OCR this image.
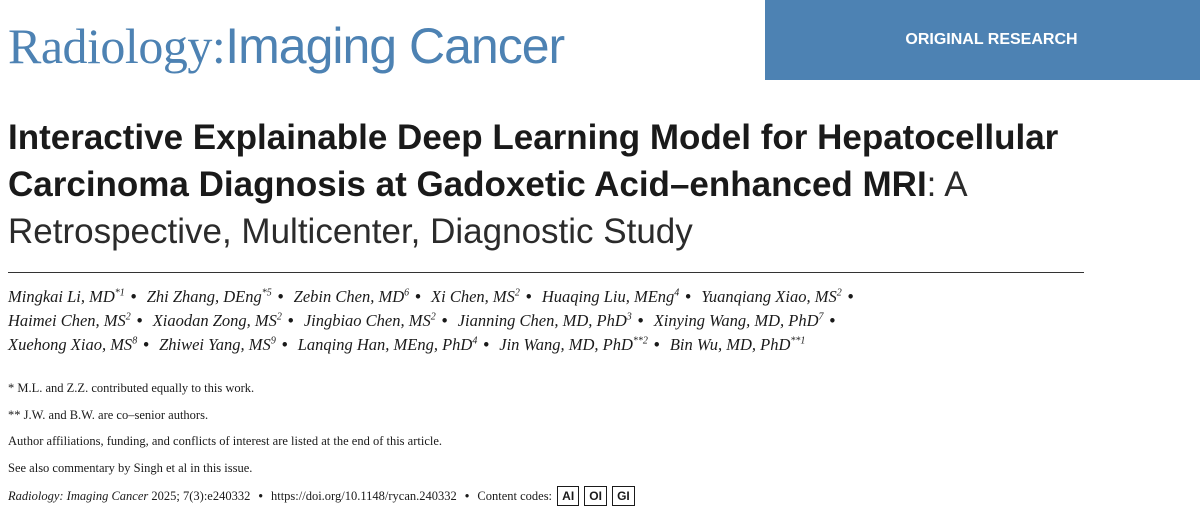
Radiology:Imaging Cancer	ORIGINAL RESEARCH
Interactive Explainable Deep Learning Model for Hepatocellular
Carcinoma Diagnosis at Gadoxetic Acid–enhanced MRI: A
Retrospective, Multicenter, Diagnostic Study
Mingkai Li, MD$^{*1}$ • Zhi Zhang, DEng$^{*5}$ • Zebin Chen, $MD^6$ • Xi Chen, $MS^2$ • Huaqing Liu, MEng$^4$ • Yuanqiang Xiao, $MS^2$ •
Haimei Chen, $MS^2$ • Xiaodan Zong, $MS^2$ • Jingbiao Chen, $MS^2$ • Jianning Chen, MD, PhD$^3$ • Xinying Wang, MD, PhD$^7$ •
Xuehong Xiao, $MS^8$ • Zhiwei Yang, $MS^9$ • Lanqing Han, MEng, PhD$^4$ • Jin Wang, MD, PhD$^{**2}$ • Bin Wu, MD, PhD$^{**1}$
* M.L. and Z.Z. contributed equally to this work.
** J.W. and B.W. are co–senior authors.
Author affiliations, funding, and conflicts of interest are listed at the end of this article.
See also commentary by Singh et al in this issue.
Radiology: Imaging Cancer 2025; 7(3):e240332 • https://doi.org/10.1148/rycan.240332 • Content codes: AI OI GI
